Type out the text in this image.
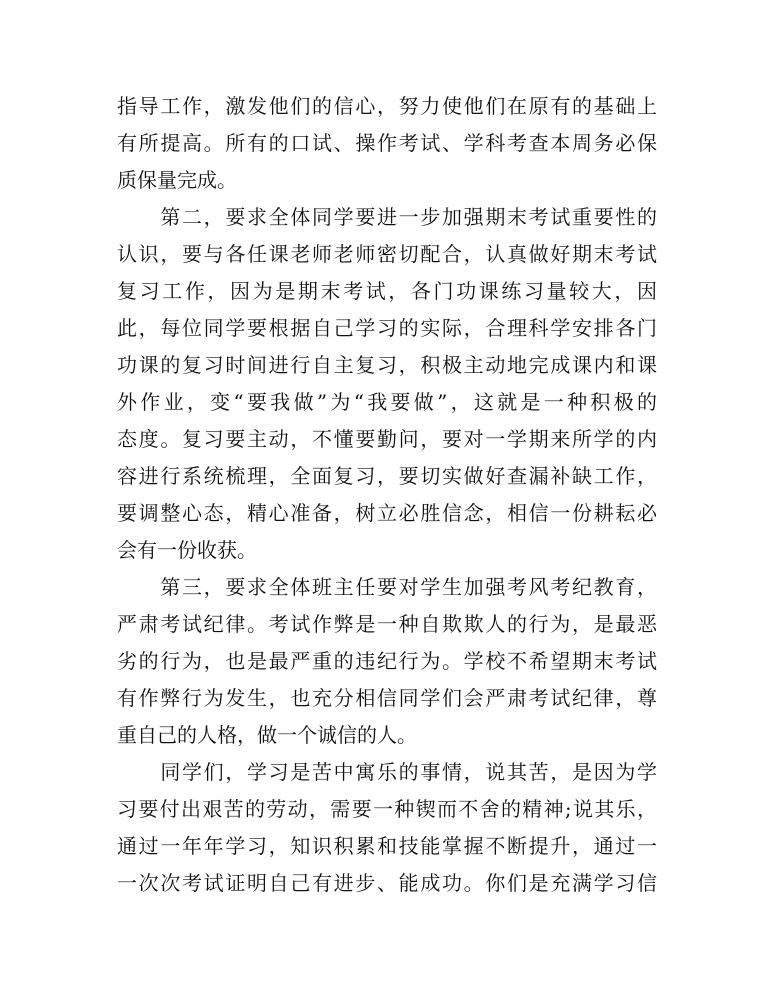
指导工作，激发他们的信心，努力使他们在原有的基础上
有所提高。所有的口试、操作考试、学科考查本周务必保
质保量完成。
　　第二，要求全体同学要进一步加强期末考试重要性的
认识，要与各任课老师老师密切配合，认真做好期末考试
复习工作，因为是期末考试，各门功课练习量较大，因
此，每位同学要根据自己学习的实际，合理科学安排各门
功课的复习时间进行自主复习，积极主动地完成课内和课
外作业，变“要我做”为“我要做”，这就是一种积极的
态度。复习要主动，不懂要勤问，要对一学期来所学的内
容进行系统梳理，全面复习，要切实做好查漏补缺工作，
要调整心态，精心准备，树立必胜信念，相信一份耕耘必
会有一份收获。
　　第三，要求全体班主任要对学生加强考风考纪教育，
严肃考试纪律。考试作弊是一种自欺欺人的行为，是最恶
劣的行为，也是最严重的违纪行为。学校不希望期末考试
有作弊行为发生，也充分相信同学们会严肃考试纪律，尊
重自己的人格，做一个诚信的人。
　　同学们，学习是苦中寓乐的事情，说其苦，是因为学
习要付出艰苦的劳动，需要一种锲而不舍的精神;说其乐，
通过一年年学习，知识积累和技能掌握不断提升，通过一
一次次考试证明自己有进步、能成功。你们是充满学习信
